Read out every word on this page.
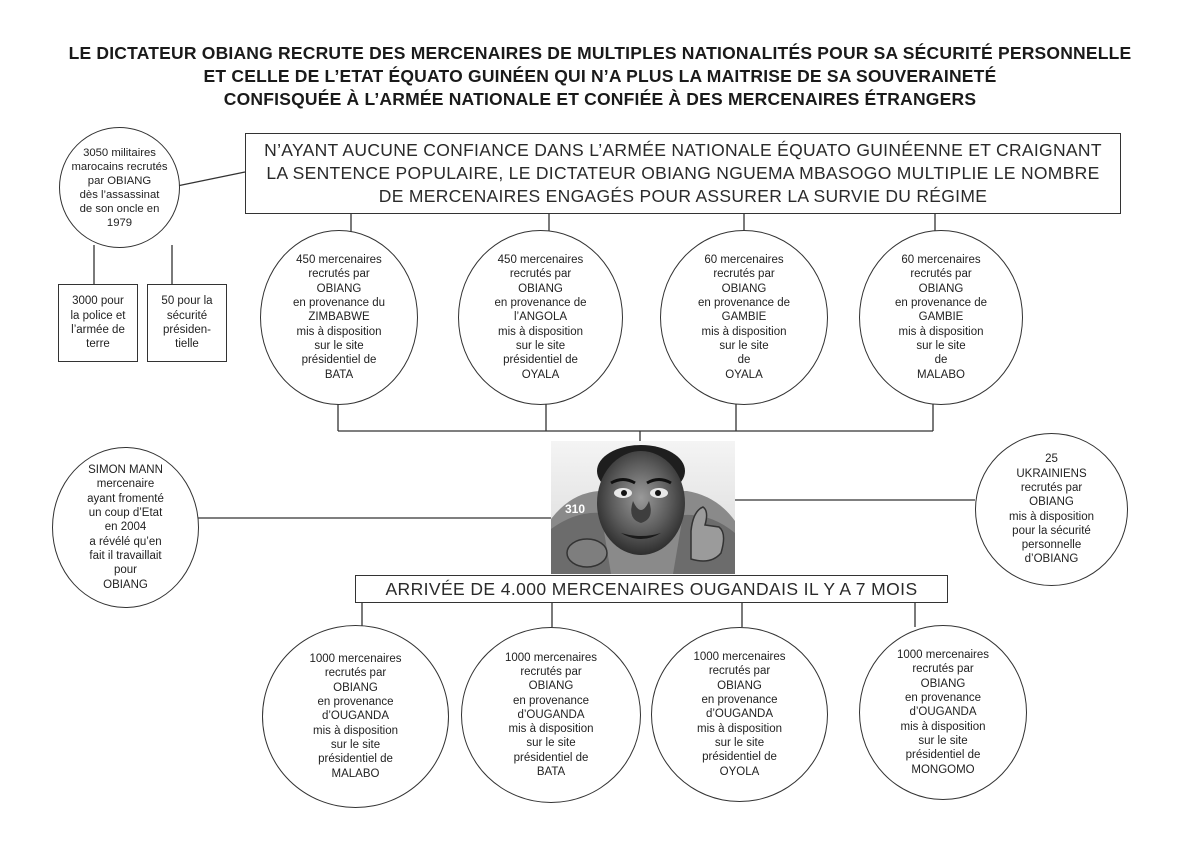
LE DICTATEUR OBIANG RECRUTE DES MERCENAIRES DE MULTIPLES NATIONALITÉS POUR SA SÉCURITÉ PERSONNELLE
ET CELLE DE L’ETAT ÉQUATO GUINÉEN QUI N’A PLUS LA MAITRISE DE SA SOUVERAINETÉ
CONFISQUÉE À L’ARMÉE NATIONALE ET CONFIÉE À DES MERCENAIRES ÉTRANGERS
N’AYANT AUCUNE CONFIANCE DANS L’ARMÉE NATIONALE ÉQUATO GUINÉENNE ET CRAIGNANT
LA SENTENCE POPULAIRE, LE DICTATEUR OBIANG NGUEMA MBASOGO MULTIPLIE LE NOMBRE
DE MERCENAIRES ENGAGÉS POUR ASSURER LA SURVIE DU RÉGIME
3050 militaires
marocains recrutés
par OBIANG
dès l’assassinat
de son oncle en
1979
3000 pour
la police et
l’armée de
terre
50 pour la
sécurité
présiden-
tielle
450 mercenaires
recrutés par
OBIANG
en provenance du
ZIMBABWE
mis à disposition
sur le site
présidentiel de
BATA
450 mercenaires
recrutés par
OBIANG
en provenance de
l’ANGOLA
mis à disposition
sur le site
présidentiel de
OYALA
60 mercenaires
recrutés par
OBIANG
en provenance de
GAMBIE
mis à disposition
sur le site
de
OYALA
60 mercenaires
recrutés par
OBIANG
en provenance de
GAMBIE
mis à disposition
sur le site
de
MALABO
SIMON MANN
mercenaire
ayant fromenté
un coup d’Etat
en 2004
a révélé qu’en
fait il travaillait
pour
OBIANG
25
UKRAINIENS
recrutés par
OBIANG
mis à disposition
pour la sécurité
personnelle
d’OBIANG
310
ARRIVÉE DE 4.000 MERCENAIRES OUGANDAIS IL Y A 7 MOIS
1000 mercenaires
recrutés par
OBIANG
en provenance
d’OUGANDA
mis à disposition
sur le site
présidentiel de
MALABO
1000 mercenaires
recrutés par
OBIANG
en provenance
d’OUGANDA
mis à disposition
sur le site
présidentiel de
BATA
1000 mercenaires
recrutés par
OBIANG
en provenance
d’OUGANDA
mis à disposition
sur le site
présidentiel de
OYOLA
1000 mercenaires
recrutés par
OBIANG
en provenance
d’OUGANDA
mis à disposition
sur le site
présidentiel de
MONGOMO
